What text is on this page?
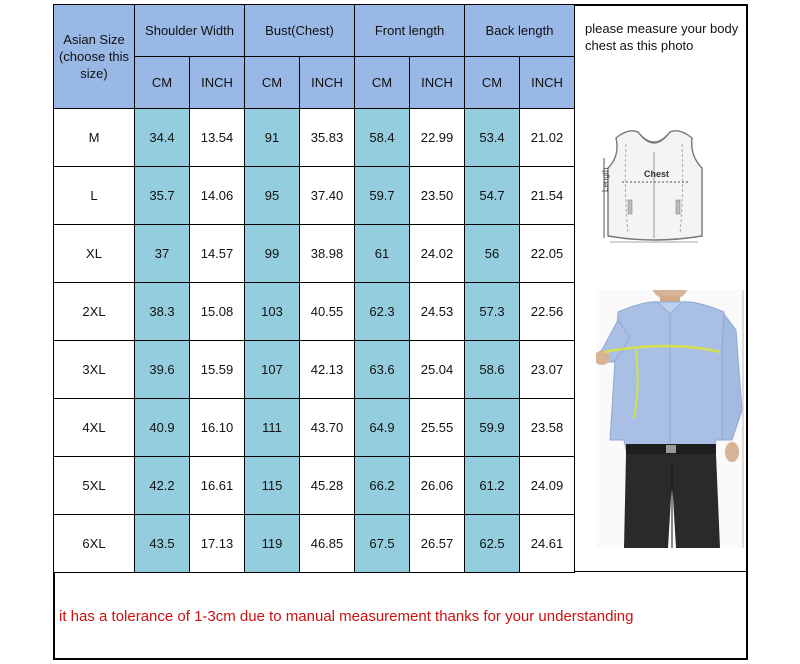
Asian Size (choose this size)	Shoulder Width		Bust(Chest)		Front length		Back length	
	CM	INCH	CM	INCH	CM	INCH	CM	INCH
M	34.4	13.54	91	35.83	58.4	22.99	53.4	21.02
L	35.7	14.06	95	37.40	59.7	23.50	54.7	21.54
XL	37	14.57	99	38.98	61	24.02	56	22.05
2XL	38.3	15.08	103	40.55	62.3	24.53	57.3	22.56
3XL	39.6	15.59	107	42.13	63.6	25.04	58.6	23.07
4XL	40.9	16.10	111	43.70	64.9	25.55	59.9	23.58
5XL	42.2	16.61	115	45.28	66.2	26.06	61.2	24.09
6XL	43.5	17.13	119	46.85	67.5	26.57	62.5	24.61

please measure your body chest as this photo

Chest
Length

it has a tolerance of 1-3cm due to manual measurement thanks for your understanding
